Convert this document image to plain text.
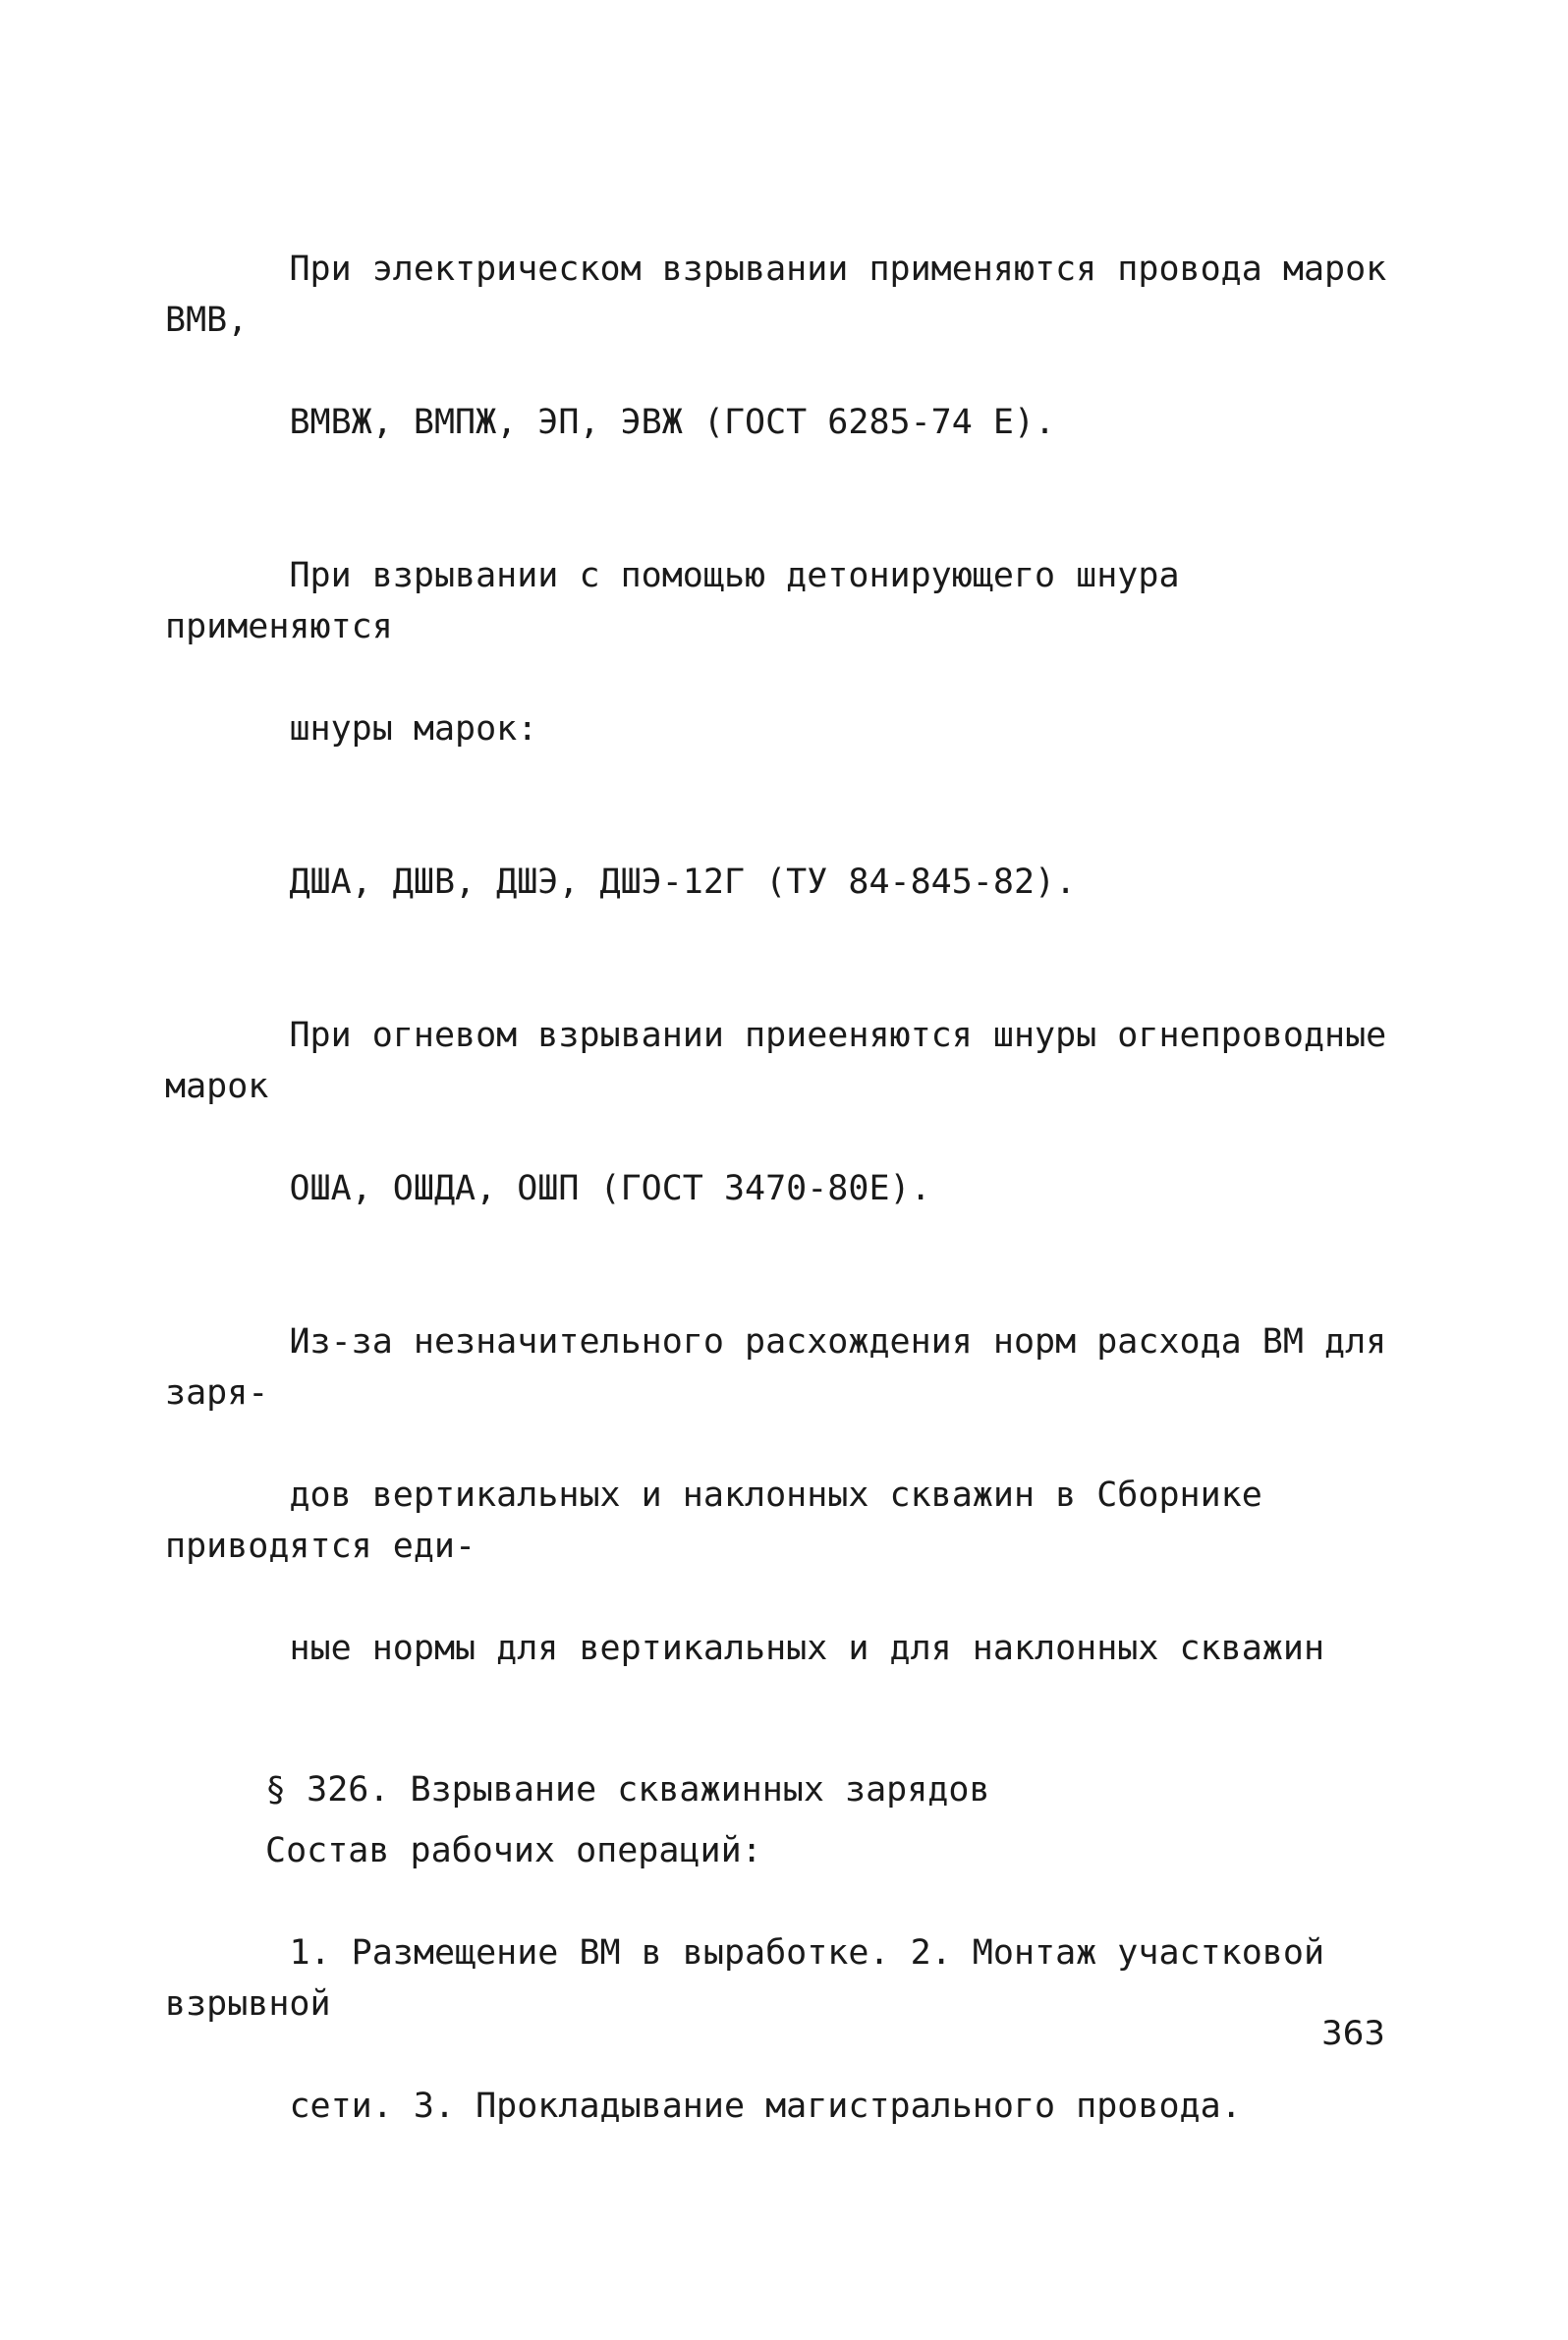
При электрическом взрывании применяются провода марок ВМВ,

ВМВЖ, ВМПЖ, ЭП, ЭВЖ (ГОСТ 6285-74 Е).

При взрывании с помощью детонирующего шнура применяются

шнуры марок:

ДША, ДШВ, ДШЭ, ДШЭ-12Г (ТУ 84-845-82).

При огневом взрывании приееняются шнуры огнепроводные марок

ОША, ОШДА, ОШП (ГОСТ 3470-80Е).

Из-за незначительного расхождения норм расхода ВМ для заря-

дов вертикальных и наклонных скважин в Сборнике приводятся еди-

ные нормы для вертикальных и для наклонных скважин

§ 326. Взрывание скважинных зарядов

Состав рабочих операций:

1. Размещение ВМ в выработке. 2. Монтаж участковой взрывной

сети. 3. Прокладывание магистрального провода.

363
